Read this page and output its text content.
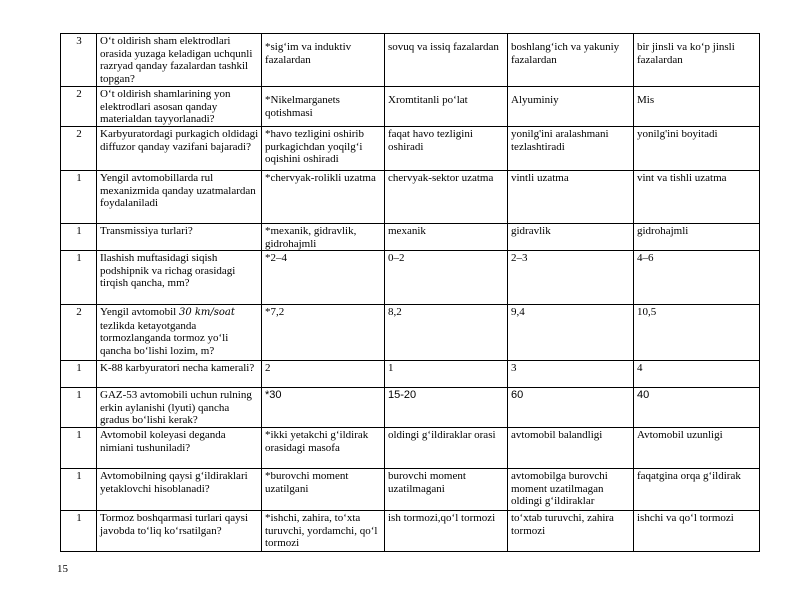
3	O‘t oldirish sham elektrodlari orasida yuzaga keladigan uchqunli razryad qanday fazalardan tashkil topgan?	*sig‘im va induktiv fazalardan	sovuq va issiq fazalardan	boshlang‘ich va yakuniy fazalardan	bir jinsli va ko‘p jinsli fazalardan
2	O‘t oldirish shamlarining yon elektrodlari asosan qanday materialdan tayyorlanadi?	*Nikelmarganets qotishmasi	Xromtitanli po‘lat	Alyuminiy	Mis
2	Karbyuratordagi purkagich oldidagi diffuzor qanday vazifani bajaradi?	*havo tezligini oshirib purkagichdan yoqilg‘i oqishini oshiradi	faqat havo tezligini oshiradi	yonilg'ini aralashmani tezlashtiradi	yonilg'ini boyitadi
1	Yengil avtomobillarda rul mexanizmida qanday uzatmalardan foydalaniladi	*chervyak-rolikli uzatma	chervyak-sektor uzatma	vintli uzatma	vint va tishli uzatma
1	Transmissiya turlari?	*mexanik, gidravlik, gidrohajmli	mexanik	gidravlik	gidrohajmli
1	Ilashish muftasidagi siqish podshipnik va richag orasidagi tirqish qancha, mm?	*2–4	0–2	2–3	4–6
2	Yengil avtomobil 30 km/soat tezlikda ketayotganda tormozlanganda tormoz yo‘li qancha bo‘lishi lozim, m?	*7,2	8,2	9,4	10,5
1	K-88 karbyuratori necha kamerali?	2	1	3	4
1	GAZ-53 avtomobili uchun rulning erkin aylanishi (lyuti) qancha gradus bo‘lishi kerak?	*30	15-20	60	40
1	Avtomobil koleyasi deganda nimiani tushuniladi?	*ikki yetakchi g‘ildirak orasidagi masofa	oldingi g‘ildiraklar orasi	avtomobil balandligi	Avtomobil uzunligi
1	Avtomobilning qaysi g‘ildiraklari yetaklovchi hisoblanadi?	*burovchi moment uzatilgani	burovchi moment uzatilmagani	avtomobilga burovchi moment uzatilmagan oldingi g‘ildiraklar	faqatgina orqa g‘ildirak
1	Tormoz boshqarmasi turlari qaysi javobda to‘liq ko‘rsatilgan?	*ishchi, zahira, to‘xta turuvchi, yordamchi, qo‘l tormozi	ish tormozi,qo‘l tormozi	to‘xtab turuvchi, zahira tormozi	ishchi va qo‘l tormozi
15
